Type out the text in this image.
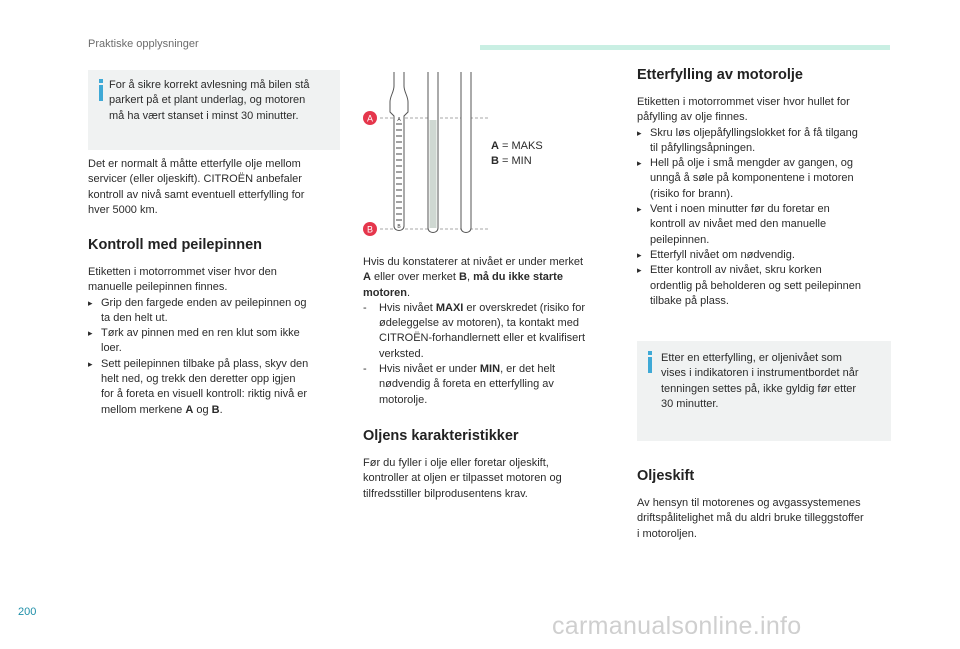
Praktiske opplysninger
For å sikre korrekt avlesning må bilen stå
parkert på et plant underlag, og motoren
må ha vært stanset i minst 30 minutter.
Det er normalt å måtte etterfylle olje mellom
servicer (eller oljeskift). CITROËN anbefaler
kontroll av nivå samt eventuell etterfylling for
hver 5000 km.
Kontroll med peilepinnen
Etiketten i motorrommet viser hvor den
manuelle peilepinnen finnes.
▸ Grip den fargede enden av peilepinnen og
ta den helt ut.
▸ Tørk av pinnen med en ren klut som ikke
loer.
▸ Sett peilepinnen tilbake på plass, skyv den
helt ned, og trekk den deretter opp igjen
for å foreta en visuell kontroll: riktig nivå er
mellom merkene A og B.
A
B
A
B
A = MAKS
B = MIN
Hvis du konstaterer at nivået er under merket
A eller over merket B, må du ikke starte
motoren.
- Hvis nivået MAXI er overskredet (risiko for
ødeleggelse av motoren), ta kontakt med
CITROËN-forhandlernett eller et kvalifisert
verksted.
- Hvis nivået er under MIN, er det helt
nødvendig å foreta en etterfylling av
motorolje.
Oljens karakteristikker
Før du fyller i olje eller foretar oljeskift,
kontroller at oljen er tilpasset motoren og
tilfredsstiller bilprodusentens krav.
Etterfylling av motorolje
Etiketten i motorrommet viser hvor hullet for
påfylling av olje finnes.
▸ Skru løs oljepåfyllingslokket for å få tilgang
til påfyllingsåpningen.
▸ Hell på olje i små mengder av gangen, og
unngå å søle på komponentene i motoren
(risiko for brann).
▸ Vent i noen minutter før du foretar en
kontroll av nivået med den manuelle
peilepinnen.
▸ Etterfyll nivået om nødvendig.
▸ Etter kontroll av nivået, skru korken
ordentlig på beholderen og sett peilepinnen
tilbake på plass.
Etter en etterfylling, er oljenivået som
vises i indikatoren i instrumentbordet når
tenningen settes på, ikke gyldig før etter
30 minutter.
Oljeskift
Av hensyn til motorenes og avgassystemenes
driftspålitelighet må du aldri bruke tilleggstoffer
i motoroljen.
200	carmanualsonline.info
